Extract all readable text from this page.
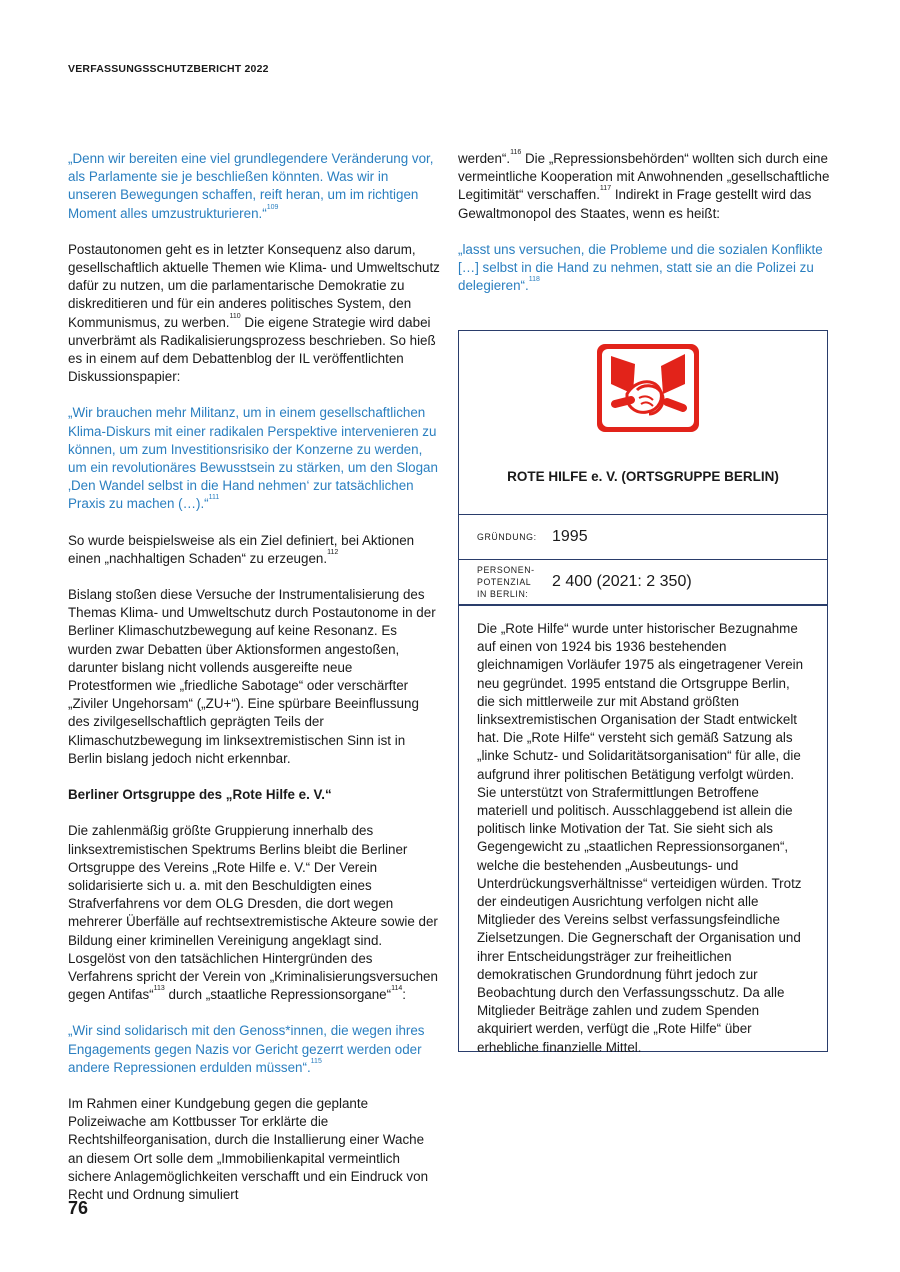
VERFASSUNGSSCHUTZBERICHT 2022

„Denn wir bereiten eine viel grundlegendere Veränderung vor, als Parlamente sie je beschließen könnten. Was wir in unseren Bewegungen schaffen, reift heran, um im richtigen Moment alles umzustrukturieren.“$^{109}$

Postautonomen geht es in letzter Konsequenz also darum, gesellschaftlich aktuelle Themen wie Klima- und Umweltschutz dafür zu nutzen, um die parlamentarische Demokratie zu diskreditieren und für ein anderes politisches System, den Kommunismus, zu werben.$^{110}$ Die eigene Strategie wird dabei unverbrämt als Radikalisierungsprozess beschrieben. So hieß es in einem auf dem Debattenblog der IL veröffentlichten Diskussionspapier:

„Wir brauchen mehr Militanz, um in einem gesellschaftlichen Klima-Diskurs mit einer radikalen Perspektive intervenieren zu können, um zum Investitionsrisiko der Konzerne zu werden, um ein revolutionäres Bewusstsein zu stärken, um den Slogan ‚Den Wandel selbst in die Hand nehmen‘ zur tatsächlichen Praxis zu machen (…).“$^{111}$

So wurde beispielsweise als ein Ziel definiert, bei Aktionen einen „nachhaltigen Schaden“ zu erzeugen.$^{112}$

Bislang stoßen diese Versuche der Instrumentalisierung des Themas Klima- und Umweltschutz durch Postautonome in der Berliner Klimaschutzbewegung auf keine Resonanz. Es wurden zwar Debatten über Aktionsformen angestoßen, darunter bislang nicht vollends ausgereifte neue Protestformen wie „friedliche Sabotage“ oder verschärfter „Ziviler Ungehorsam“ („ZU+“). Eine spürbare Beeinflussung des zivilgesellschaftlich geprägten Teils der Klimaschutzbewegung im linksextremistischen Sinn ist in Berlin bislang jedoch nicht erkennbar.

Berliner Ortsgruppe des „Rote Hilfe e. V.“

Die zahlenmäßig größte Gruppierung innerhalb des linksextremistischen Spektrums Berlins bleibt die Berliner Ortsgruppe des Vereins „Rote Hilfe e. V.“ Der Verein solidarisierte sich u. a. mit den Beschuldigten eines Strafverfahrens vor dem OLG Dresden, die dort wegen mehrerer Überfälle auf rechtsextremistische Akteure sowie der Bildung einer kriminellen Vereinigung angeklagt sind. Losgelöst von den tatsächlichen Hintergründen des Verfahrens spricht der Verein von „Kriminalisierungsversuchen gegen Antifas“$^{113}$ durch „staatliche Repressionsorgane“$^{114}$:

„Wir sind solidarisch mit den Genoss*innen, die wegen ihres Engagements gegen Nazis vor Gericht gezerrt werden oder andere Repressionen erdulden müssen“.$^{115}$

Im Rahmen einer Kundgebung gegen die geplante Polizeiwache am Kottbusser Tor erklärte die Rechtshilfeorganisation, durch die Installierung einer Wache an diesem Ort solle dem „Immobilienkapital vermeintlich sichere Anlagemöglichkeiten verschafft und ein Eindruck von Recht und Ordnung simuliert

werden“.$^{116}$ Die „Repressionsbehörden“ wollten sich durch eine vermeintliche Kooperation mit Anwohnenden „gesellschaftliche Legitimität“ verschaffen.$^{117}$ Indirekt in Frage gestellt wird das Gewaltmonopol des Staates, wenn es heißt:

„lasst uns versuchen, die Probleme und die sozialen Konflikte […] selbst in die Hand zu nehmen, statt sie an die Polizei zu delegieren“.$^{118}$

ROTE HILFE e. V. (ORTSGRUPPE BERLIN)
GRÜNDUNG: 1995
PERSONEN-
POTENZIAL
IN BERLIN:
2 400 (2021: 2 350)
Die „Rote Hilfe“ wurde unter historischer Bezugnahme auf einen von 1924 bis 1936 bestehenden gleichnamigen Vorläufer 1975 als eingetragener Verein neu gegründet. 1995 entstand die Ortsgruppe Berlin, die sich mittlerweile zur mit Abstand größten linksextremistischen Organisation der Stadt entwickelt hat. Die „Rote Hilfe“ versteht sich gemäß Satzung als „linke Schutz- und Solidaritätsorganisation“ für alle, die aufgrund ihrer politischen Betätigung verfolgt würden. Sie unterstützt von Strafermittlungen Betroffene materiell und politisch. Ausschlaggebend ist allein die politisch linke Motivation der Tat. Sie sieht sich als Gegengewicht zu „staatlichen Repressionsorganen“, welche die bestehenden „Ausbeutungs- und Unterdrückungsverhältnisse“ verteidigen würden. Trotz der eindeutigen Ausrichtung verfolgen nicht alle Mitglieder des Vereins selbst verfassungsfeindliche Zielsetzungen. Die Gegnerschaft der Organisation und ihrer Entscheidungsträger zur freiheitlichen demokratischen Grundordnung führt jedoch zur Beobachtung durch den Verfassungsschutz. Da alle Mitglieder Beiträge zahlen und zudem Spenden akquiriert werden, verfügt die „Rote Hilfe“ über erhebliche finanzielle Mittel.
76
